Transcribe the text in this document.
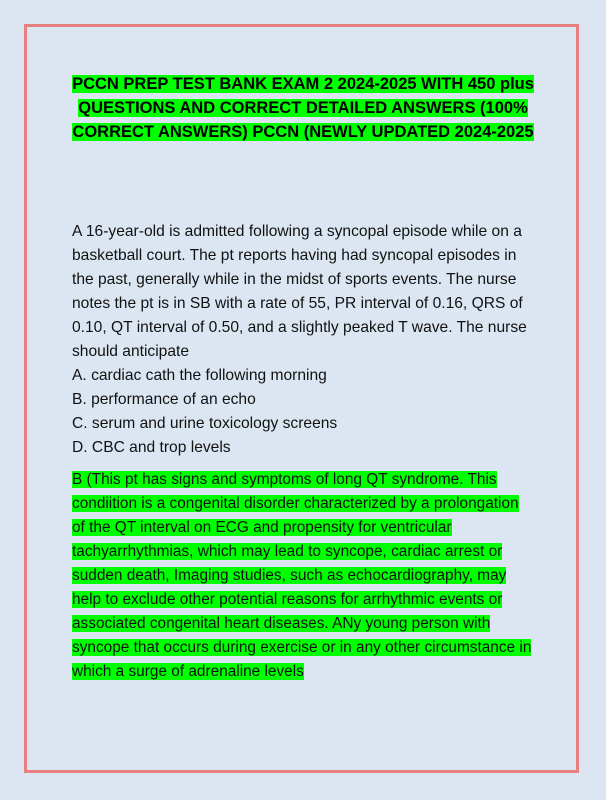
PCCN PREP TEST BANK EXAM 2 2024-2025 WITH 450 plus QUESTIONS AND CORRECT DETAILED ANSWERS (100% CORRECT ANSWERS) PCCN (NEWLY UPDATED 2024-2025

A 16-year-old is admitted following a syncopal episode while on a basketball court. The pt reports having had syncopal episodes in the past, generally while in the midst of sports events. The nurse notes the pt is in SB with a rate of 55, PR interval of 0.16, QRS of 0.10, QT interval of 0.50, and a slightly peaked T wave. The nurse should anticipate

A. cardiac cath the following morning
B. performance of an echo
C. serum and urine toxicology screens
D. CBC and trop levels
B (This pt has signs and symptoms of long QT syndrome. This condiition is a congenital disorder characterized by a prolongation of the QT interval on ECG and propensity for ventricular tachyarrhythmias, which may lead to syncope, cardiac arrest or sudden death, Imaging studies, such as echocardiography, may help to exclude other potential reasons for arrhythmic events or associated congenital heart diseases. ANy young person with syncope that occurs during exercise or in any other circumstance in which a surge of adrenaline levels
